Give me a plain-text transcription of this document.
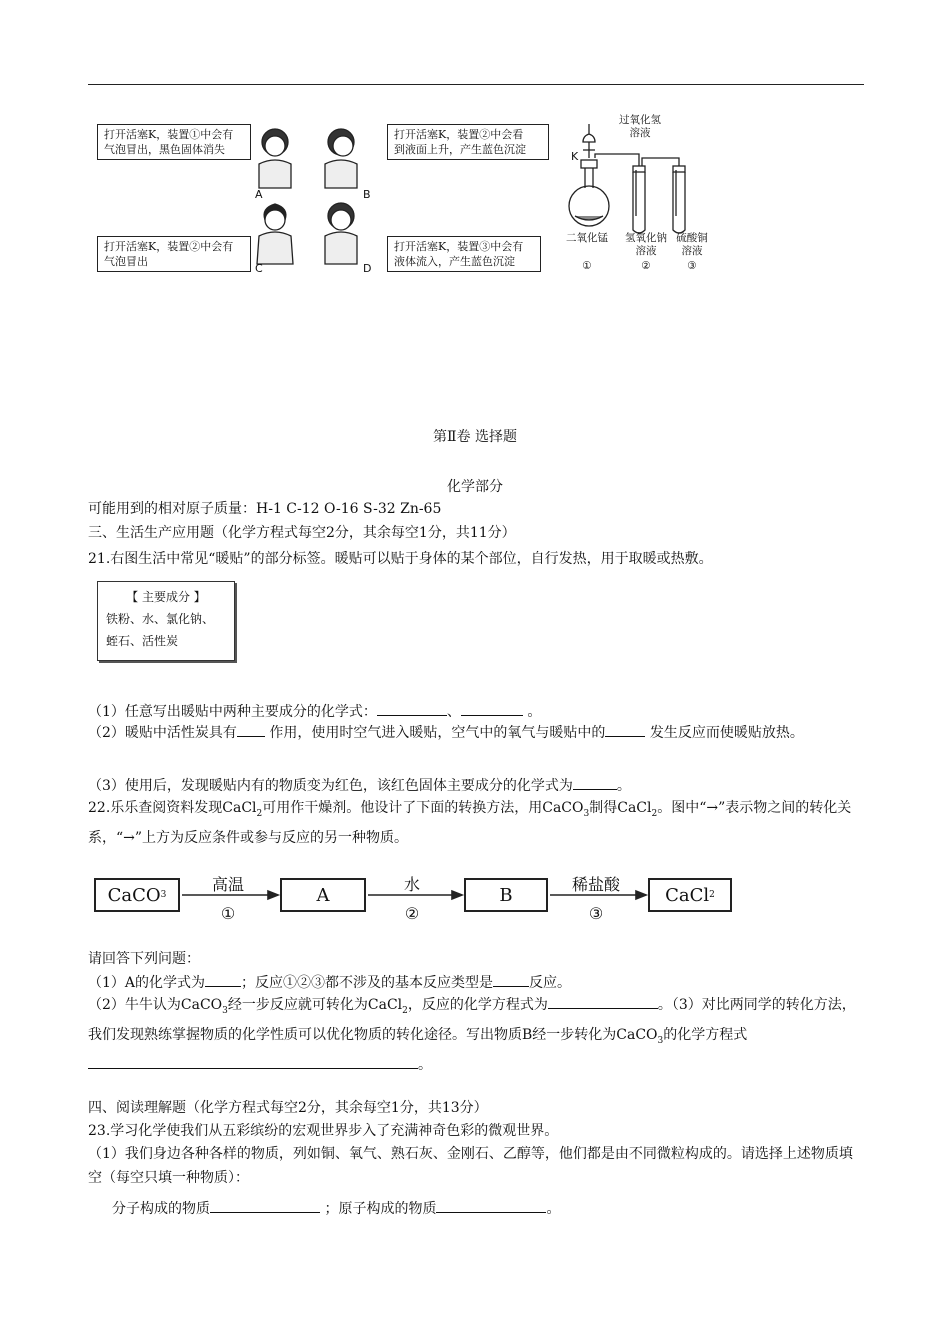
打开活塞K，装置①中会有
气泡冒出，黑色固体消失
打开活塞K，装置②中会看
到液面上升，产生蓝色沉淀
打开活塞K，装置②中会有
气泡冒出
打开活塞K，装置③中会有
液体流入，产生蓝色沉淀
A	B
C	D
过氧化氢
溶液
K
二氧化锰	氢氧化钠
溶液
硫酸铜
溶液
①	②	③
第Ⅱ卷 选择题
化学部分
可能用到的相对原子质量：H-1 C-12 O-16 S-32 Zn-65
三、生活生产应用题（化学方程式每空2分，其余每空1分，共11分）
21.右图生活中常见“暖贴”的部分标签。暖贴可以贴于身体的某个部位，自行发热，用于取暖或热敷。
【 主要成分 】
铁粉、水、氯化钠、
蛭石、活性炭
（1）任意写出暖贴中两种主要成分的化学式：	、	。
（2）暖贴中活性炭具有 作用，使用时空气进入暖贴，空气中的氧气与暖贴中的	发生反应而使暖贴放热。
（3）使用后，发现暖贴内有的物质变为红色，该红色固体主要成分的化学式为	。
22.乐乐查阅资料发现CaCl$_2$可用作干燥剂。他设计了下面的转换方法，用CaCO$_3$制得CaCl$_2$。图中“→”表示物之间的转化关系，“→”上方为反应条件或参与反应的另一种物质。
CaCO 3	A	B	CaCl 2
高温	水	稀盐酸
①	②	③
请回答下列问题：
（1）A的化学式为	；反应①②③都不涉及的基本反应类型是	反应。
（2）牛牛认为CaCO$_3$经一步反应就可转化为CaCl$_2$，反应的化学方程式为	。（3）对比两同学的转化方法，我们发现熟练掌握物质的化学性质可以优化物质的转化途径。写出物质B经一步转化为CaCO$_3$的化学方程式。
四、阅读理解题（化学方程式每空2分，其余每空1分，共13分）
23.学习化学使我们从五彩缤纷的宏观世界步入了充满神奇色彩的微观世界。
（1）我们身边各种各样的物质，列如铜、氧气、熟石灰、金刚石、乙醇等，他们都是由不同微粒构成的。请选择上述物质填空（每空只填一种物质）：
分子构成的物质	；原子构成的物质	。
